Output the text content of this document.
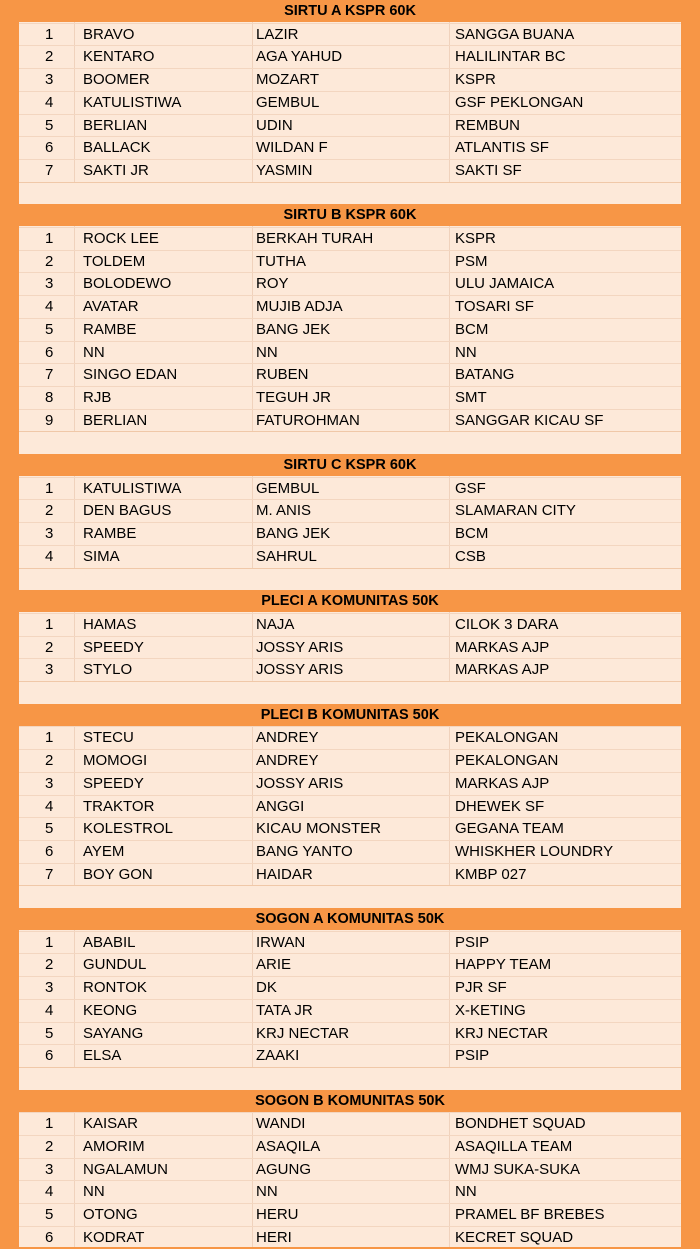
SIRTU A KSPR 60K
1 BRAVO	LAZIR	SANGGA BUANA
2 KENTARO	AGA YAHUD	HALILINTAR BC
3 BOOMER	MOZART	KSPR
4 KATULISTIWA	GEMBUL	GSF PEKLONGAN
5 BERLIAN	UDIN	REMBUN
6 BALLACK	WILDAN F	ATLANTIS SF
7 SAKTI JR	YASMIN	SAKTI SF
SIRTU B KSPR 60K
1 ROCK LEE	BERKAH TURAH	KSPR
2 TOLDEM	TUTHA	PSM
3 BOLODEWO	ROY	ULU JAMAICA
4 AVATAR	MUJIB ADJA	TOSARI SF
5 RAMBE	BANG JEK	BCM
6 NN	NN	NN
7 SINGO EDAN	RUBEN	BATANG
8 RJB	TEGUH JR	SMT
9 BERLIAN	FATUROHMAN	SANGGAR KICAU SF
SIRTU C KSPR 60K
1 KATULISTIWA	GEMBUL	GSF
2 DEN BAGUS	M. ANIS	SLAMARAN CITY
3 RAMBE	BANG JEK	BCM
4 SIMA	SAHRUL	CSB
PLECI A KOMUNITAS 50K
1 HAMAS	NAJA	CILOK 3 DARA
2 SPEEDY	JOSSY ARIS	MARKAS AJP
3 STYLO	JOSSY ARIS	MARKAS AJP
PLECI B KOMUNITAS 50K
1 STECU	ANDREY	PEKALONGAN
2 MOMOGI	ANDREY	PEKALONGAN
3 SPEEDY	JOSSY ARIS	MARKAS AJP
4 TRAKTOR	ANGGI	DHEWEK SF
5 KOLESTROL	KICAU MONSTER	GEGANA TEAM
6 AYEM	BANG YANTO	WHISKHER LOUNDRY
7 BOY GON	HAIDAR	KMBP 027
SOGON A KOMUNITAS 50K
1 ABABIL	IRWAN	PSIP
2 GUNDUL	ARIE	HAPPY TEAM
3 RONTOK	DK	PJR SF
4 KEONG	TATA JR	X-KETING
5 SAYANG	KRJ NECTAR	KRJ NECTAR
6 ELSA	ZAAKI	PSIP
SOGON B KOMUNITAS 50K
1 KAISAR	WANDI	BONDHET SQUAD
2 AMORIM	ASAQILA	ASAQILLA TEAM
3 NGALAMUN	AGUNG	WMJ SUKA-SUKA
4 NN	NN	NN
5 OTONG	HERU	PRAMEL BF BREBES
6 KODRAT	HERI	KECRET SQUAD
